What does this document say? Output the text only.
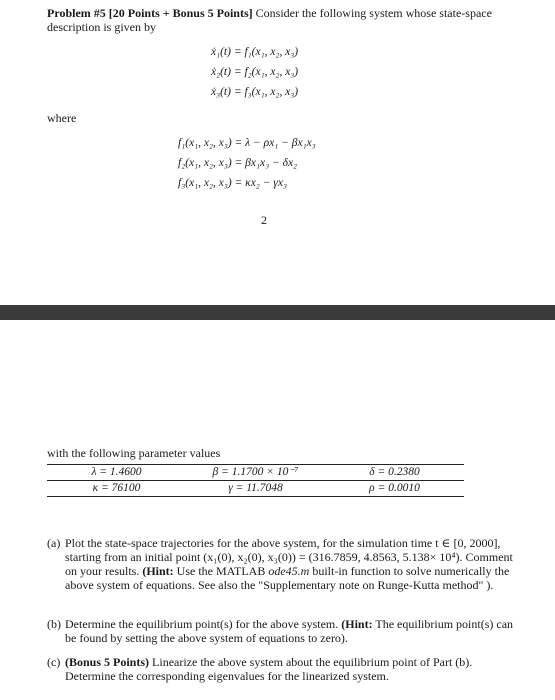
Problem #5 [20 Points + Bonus 5 Points] Consider the following system whose state-space description is given by
ẋ₁(t) = f₁(x₁, x₂, x₃)
ẋ₂(t) = f₂(x₁, x₂, x₃)
ẋ₃(t) = f₃(x₁, x₂, x₃)
where
f₁(x₁, x₂, x₃) = λ − ρx₁ − βx₁x₃
f₂(x₁, x₂, x₃) = βx₁x₃ − δx₂
f₃(x₁, x₂, x₃) = κx₂ − γx₃
2
with the following parameter values
λ = 1.4600	β = 1.1700 × 10⁻⁷	δ = 0.2380
κ = 76100	γ = 11.7048	ρ = 0.0010
(a) Plot the state-space trajectories for the above system, for the simulation time t ∈ [0, 2000], starting from an initial point (x₁(0), x₂(0), x₃(0)) = (316.7859, 4.8563, 5.138× 10⁴). Comment on your results. (Hint: Use the MATLAB ode45.m built-in function to solve numerically the above system of equations. See also the "Supplementary note on Runge-Kutta method" ).
(b) Determine the equilibrium point(s) for the above system. (Hint: The equilibrium point(s) can be found by setting the above system of equations to zero).
(c) (Bonus 5 Points) Linearize the above system about the equilibrium point of Part (b). Determine the corresponding eigenvalues for the linearized system.
